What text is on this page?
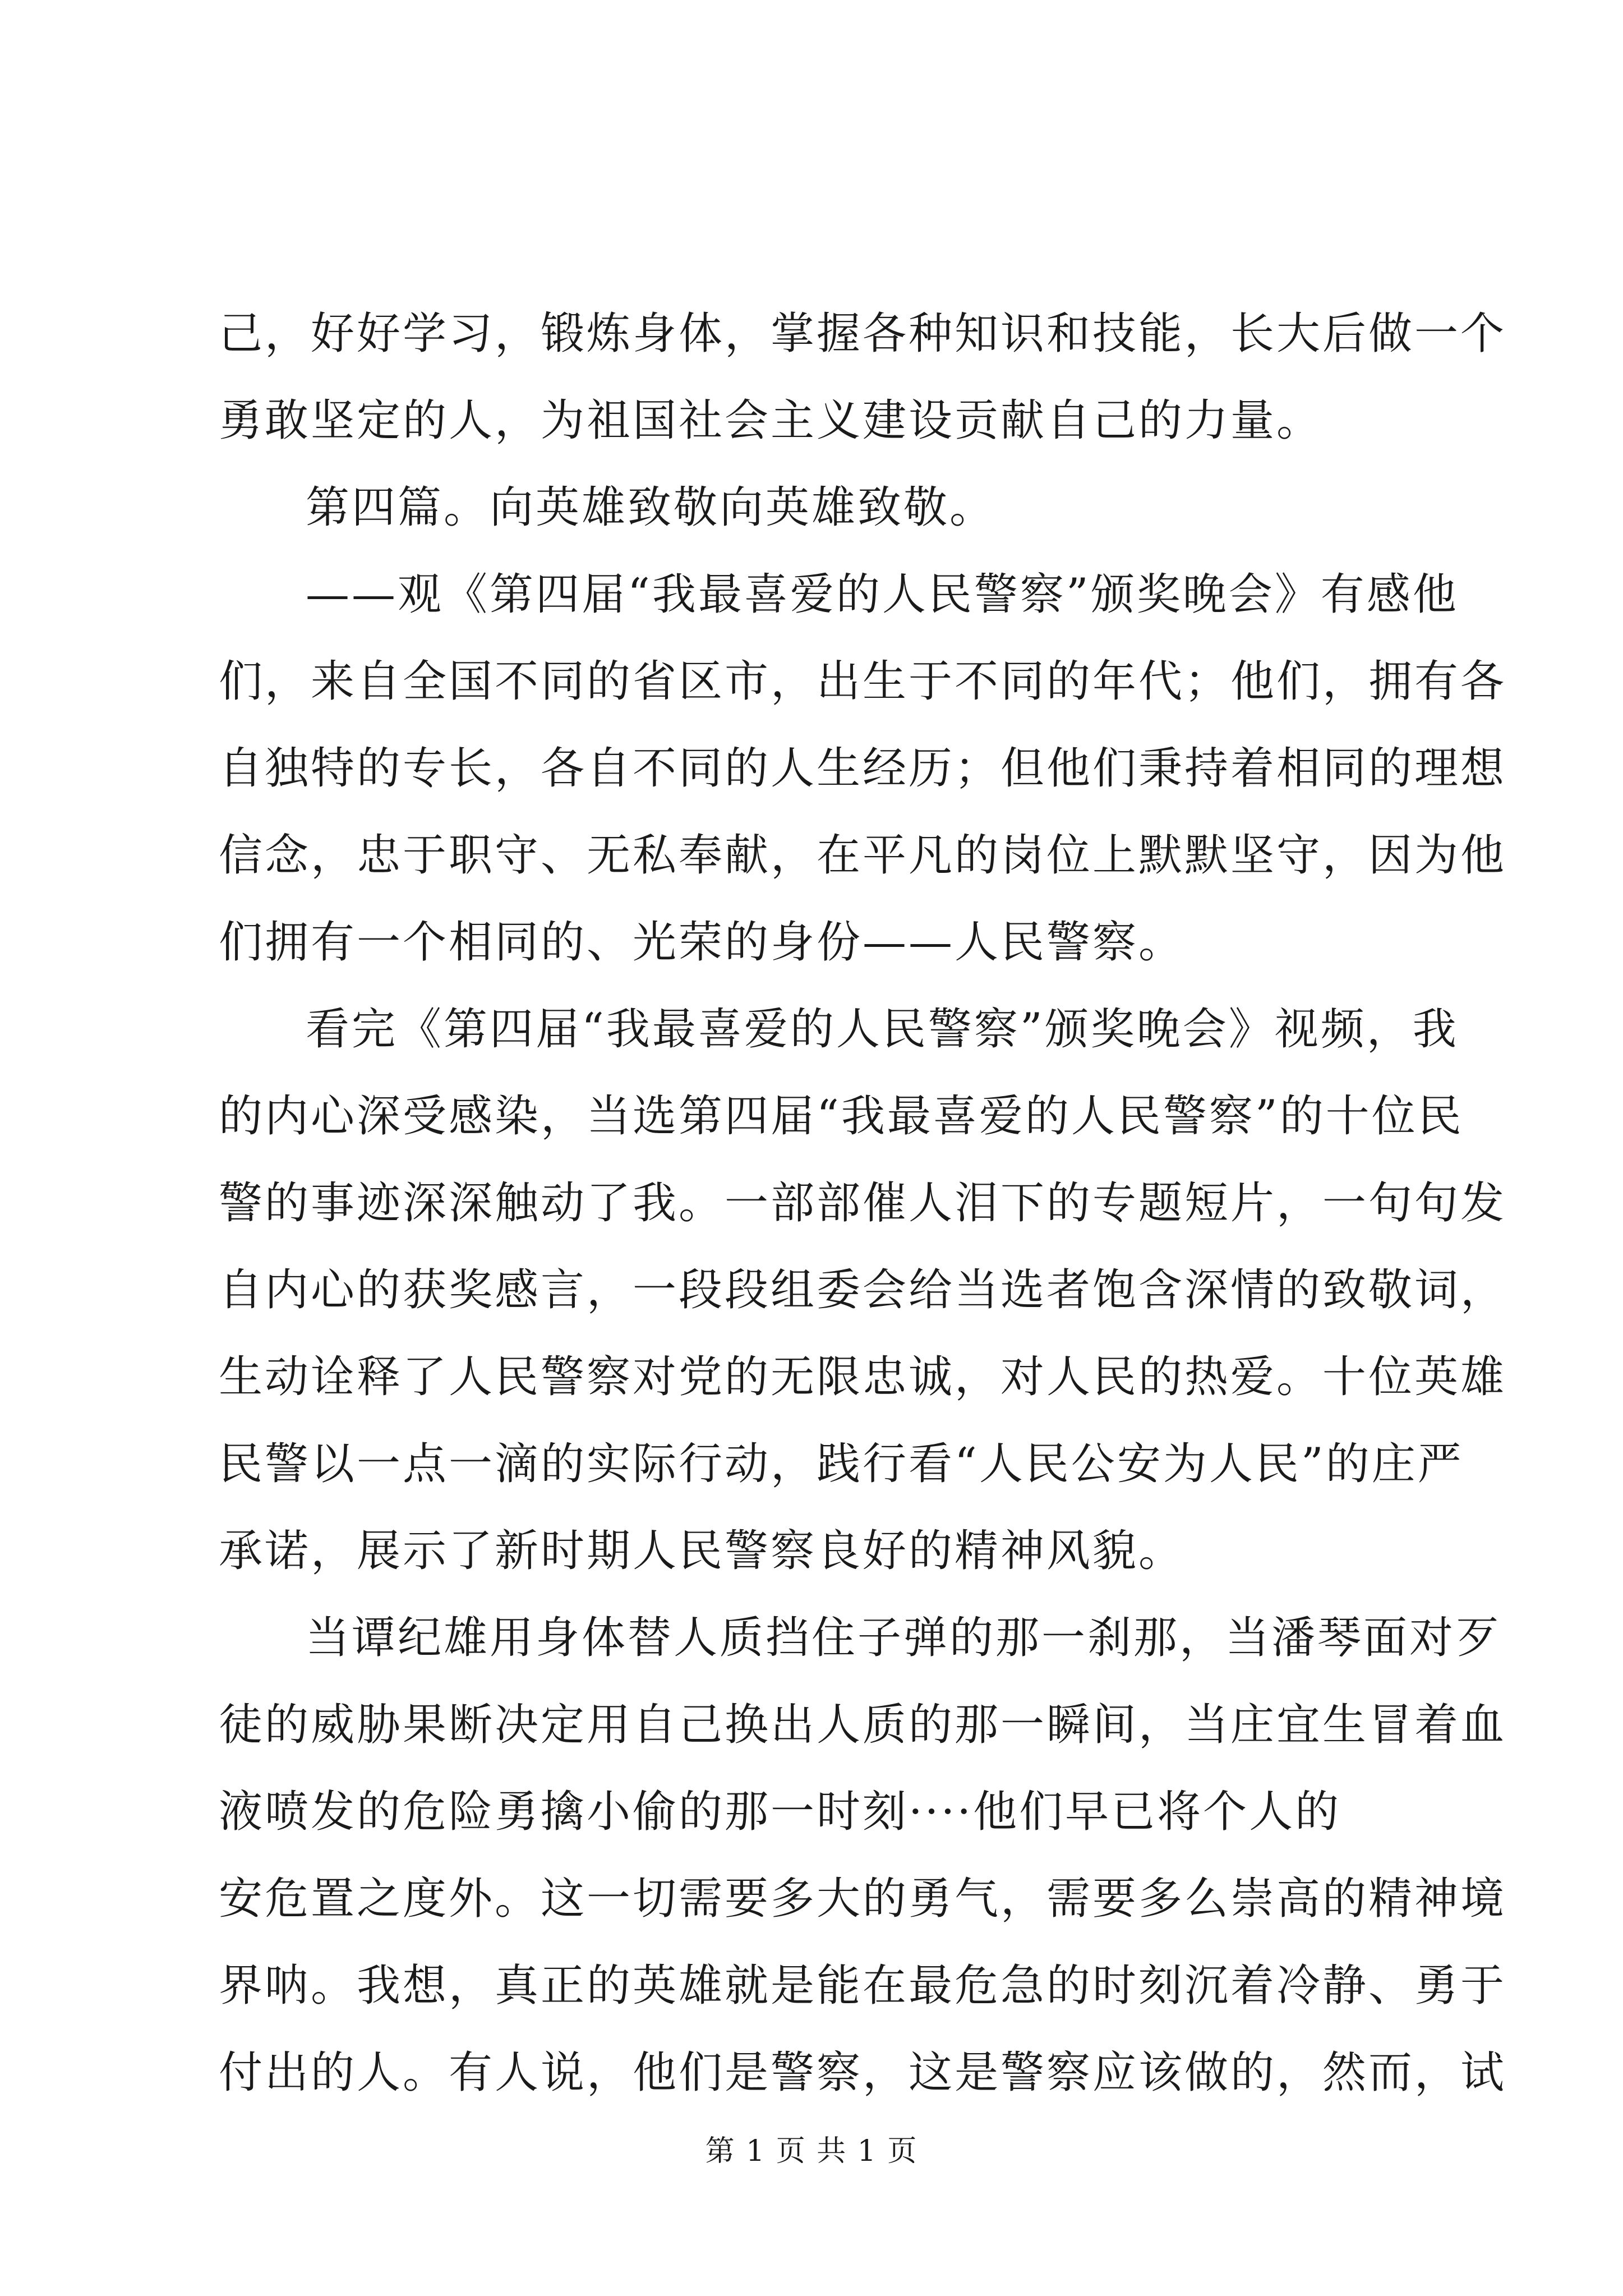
己，好好学习，锻炼身体，掌握各种知识和技能，长大后做一个
勇敢坚定的人，为祖国社会主义建设贡献自己的力量。
第四篇。向英雄致敬向英雄致敬。
——观《第四届“我最喜爱的人民警察”颁奖晚会》有感他
们，来自全国不同的省区市，出生于不同的年代；他们，拥有各
自独特的专长，各自不同的人生经历；但他们秉持着相同的理想
信念，忠于职守、无私奉献，在平凡的岗位上默默坚守，因为他
们拥有一个相同的、光荣的身份——人民警察。
看完《第四届“我最喜爱的人民警察”颁奖晚会》视频，我
的内心深受感染，当选第四届“我最喜爱的人民警察”的十位民
警的事迹深深触动了我。一部部催人泪下的专题短片，一句句发
自内心的获奖感言，一段段组委会给当选者饱含深情的致敬词，
生动诠释了人民警察对党的无限忠诚，对人民的热爱。十位英雄
民警以一点一滴的实际行动，践行看“人民公安为人民”的庄严
承诺，展示了新时期人民警察良好的精神风貌。
当谭纪雄用身体替人质挡住子弹的那一刹那，当潘琴面对歹
徒的威胁果断决定用自己换出人质的那一瞬间，当庄宜生冒着血
液喷发的危险勇擒小偷的那一时刻····他们早已将个人的
安危置之度外。这一切需要多大的勇气，需要多么崇高的精神境
界呐。我想，真正的英雄就是能在最危急的时刻沉着冷静、勇于
付出的人。有人说，他们是警察，这是警察应该做的，然而，试
第 1 页 共 1 页
